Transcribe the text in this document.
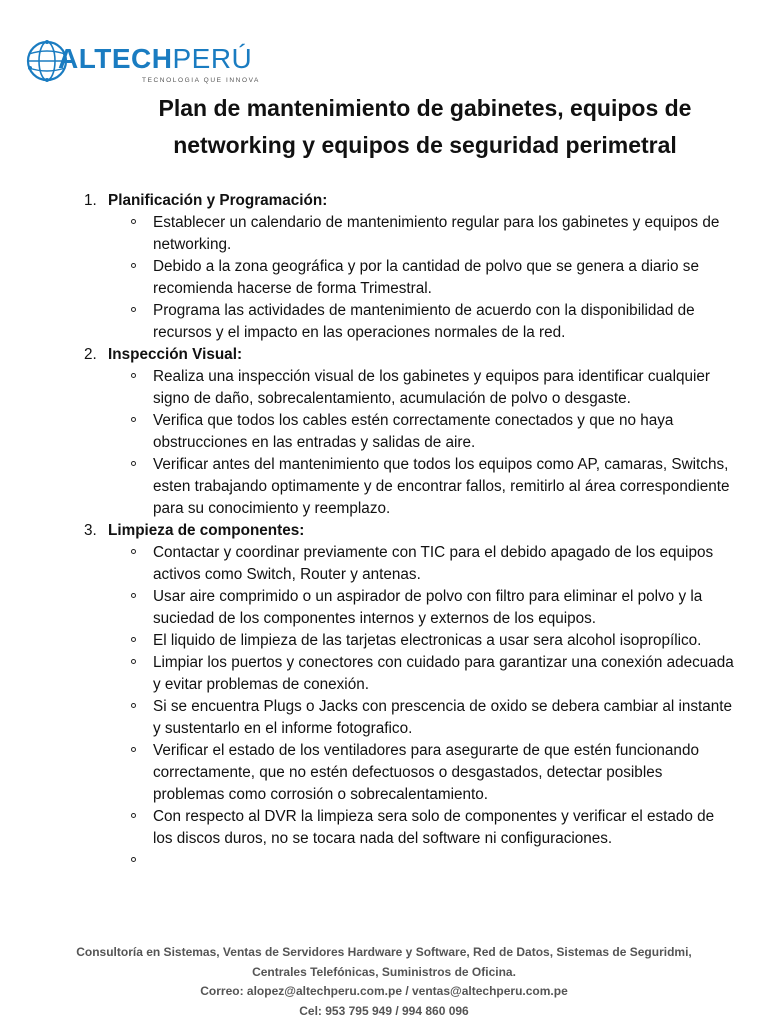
ALTECHPERÚ
TECNOLOGIA QUE INNOVA
Plan de mantenimiento de gabinetes, equipos de
networking y equipos de seguridad perimetral
1. Planificación y Programación:
Establecer un calendario de mantenimiento regular para los gabinetes y equipos de networking.
Debido a la zona geográfica y por la cantidad de polvo que se genera a diario se recomienda hacerse de forma Trimestral.
Programa las actividades de mantenimiento de acuerdo con la disponibilidad de recursos y el impacto en las operaciones normales de la red.
2. Inspección Visual:
Realiza una inspección visual de los gabinetes y equipos para identificar cualquier signo de daño, sobrecalentamiento, acumulación de polvo o desgaste.
Verifica que todos los cables estén correctamente conectados y que no haya obstrucciones en las entradas y salidas de aire.
Verificar antes del mantenimiento que todos los equipos como AP, camaras, Switchs, esten trabajando optimamente y de encontrar fallos, remitirlo al área correspondiente para su conocimiento y reemplazo.
3. Limpieza de componentes:
Contactar y coordinar previamente con TIC para el debido apagado de los equipos activos como Switch, Router y antenas.
Usar aire comprimido o un aspirador de polvo con filtro para eliminar el polvo y la suciedad de los componentes internos y externos de los equipos.
El liquido de limpieza de las tarjetas electronicas a usar sera alcohol isopropílico.
Limpiar los puertos y conectores con cuidado para garantizar una conexión adecuada y evitar problemas de conexión.
Si se encuentra Plugs o Jacks con prescencia de oxido se debera cambiar al instante y sustentarlo en el informe fotografico.
Verificar el estado de los ventiladores para asegurarte de que estén funcionando correctamente, que no estén defectuosos o desgastados, detectar posibles problemas como corrosión o sobrecalentamiento.
Con respecto al DVR la limpieza sera solo de componentes y verificar el estado de los discos duros, no se tocara nada del software ni configuraciones.
Consultoría en Sistemas, Ventas de Servidores Hardware y Software, Red de Datos, Sistemas de Seguridmi,
Centrales Telefónicas, Suministros de Oficina.
Correo: alopez@altechperu.com.pe / ventas@altechperu.com.pe
Cel: 953 795 949 / 994 860 096
